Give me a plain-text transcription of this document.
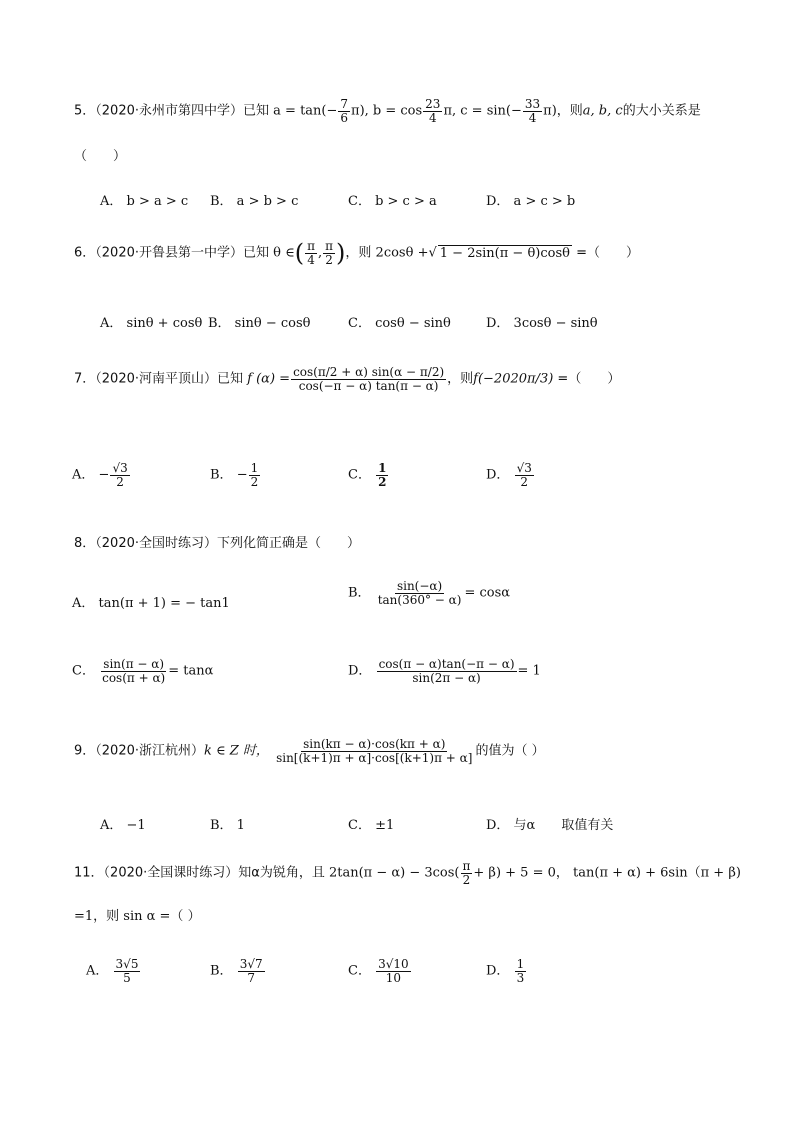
5．（2020·永州市第四中学）已知 $a = \tan(- \frac{7}{6} \pi)$, $b = \cos \frac{23}{4} \pi$, $c = \sin(- \frac{33}{4} \pi)$，则a, b, c的大小关系是
（　　）
A． b > a > c B． a > b > c	C． b > c > a	D． a > c > b
6．（2020·开鲁县第一中学）已知 θ ∈( $\frac{\pi}{4}$ , $\frac{\pi}{2}$ )，则 2cosθ +√ 1 − 2sin(π − θ)cosθ =（　　）
A． sinθ + cosθ B． sinθ − cosθ	C． cosθ − sinθ	D． 3cosθ − sinθ
7．（2020·河南平顶山）已知 f $(\alpha) = \frac{\cos(\pi/2 + \alpha) \sin(\alpha - \pi/2)}{\cos(-\pi - \alpha) \tan(\pi - \alpha)}$ ，则f(−2020π/3) =（　　）
A． − $\frac{√3}{2}$	B． − $\frac{1}{2}$	C． $\frac{1}{2}$	D． $\frac{√3}{2}$
8．（2020·全国时练习）下列化简正确是（　　）
A． tan(π + 1) = − tan1
B． $\frac{\sin(-\alpha)}{\tan(360^\circ - \alpha)} = \cos\alpha$
C． $\frac{\sin(\pi - \alpha)}{\cos(\pi + \alpha)} = \tan\alpha$	D． $\frac{\cos(\pi - \alpha)\tan(-\pi - \alpha)}{\sin(2\pi - \alpha)} = 1$
9．（2020·浙江杭州）k ∈ Z 时， $\frac{\sin(k\pi - \alpha)\cdot\cos(k\pi + \alpha)}{\sin[(k+1)\pi + \alpha]\cdot\cos[(k+1)\pi + \alpha]}$ 的值为（ ）
A． −1	B． 1	C． ±1	D． 与α　　取值有关
11．（2020·全国课时练习）知α为锐角，且 $2\tan(\pi - \alpha) - 3\cos( \frac{\pi}{2} + \beta) + 5 = 0$， tan(π + α) + 6sin（π + β)
=1，则 sin α =（ ）
A． $\frac{3√5}{5}$	B． $\frac{3√7}{7}$	C． $\frac{3√10}{10}$	D． $\frac{1}{3}$
